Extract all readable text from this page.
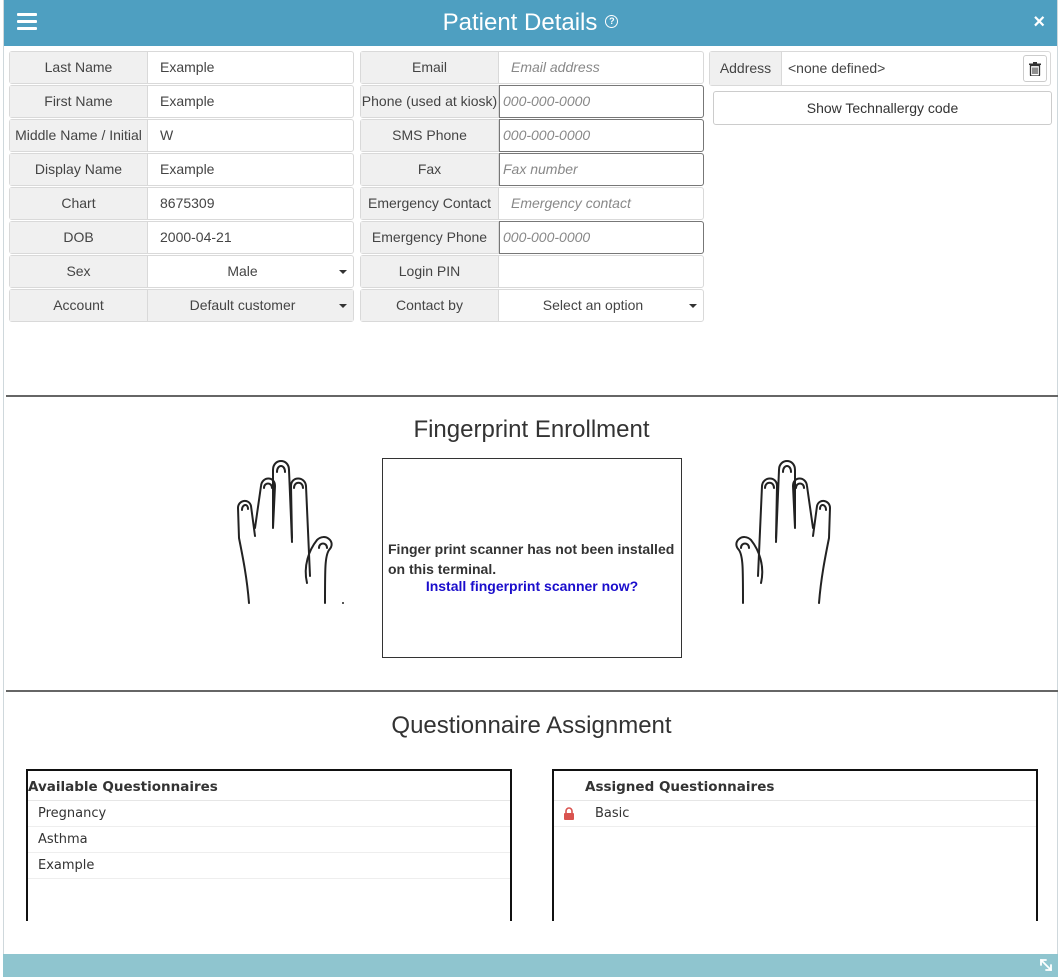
Patient Details ?	×
Last Name	Example
First Name	Example
Middle Name / Initial	W
Display Name	Example
Chart	8675309
DOB	2000-04-21
Sex	Male
Account	Default customer
Email	Email address
Phone (used at kiosk) 000-000-0000
SMS Phone	000-000-0000
Fax	Fax number
Emergency Contact	Emergency contact
Emergency Phone	000-000-0000
Login PIN
Contact by	Select an option
Address	<none defined>
Show Technallergy code
Fingerprint Enrollment
Finger print scanner has not been installed on this terminal.
Install fingerprint scanner now?
Questionnaire Assignment
Available Questionnaires
Pregnancy
Asthma
Example
Assigned Questionnaires
Basic
